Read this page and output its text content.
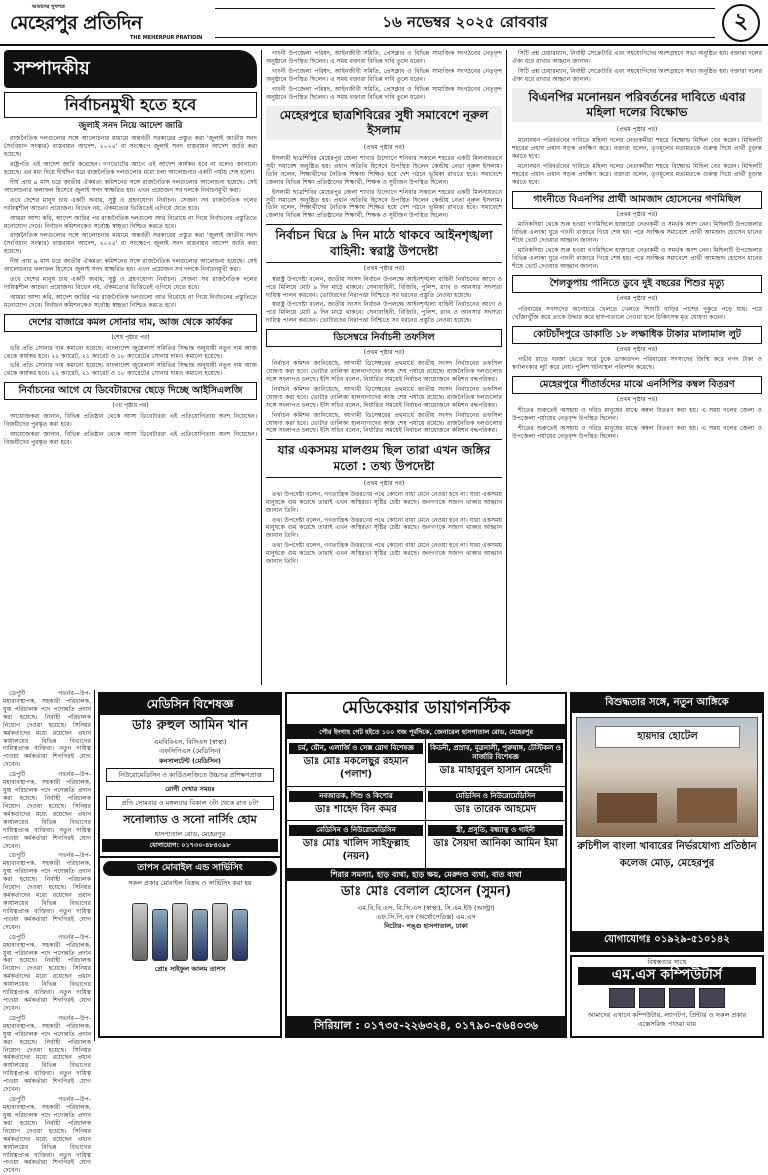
আমাদের সুখপত্র
মেহেরপুর প্রতিদিন
THE MEHERPUR PRATIDIN
১৬ নভেম্বর ২০২৫ রোববার	২
সম্পাদকীয়
নির্বাচনমুখী হতে হবে
জুলাই সনদ নিয়ে আদেশ জারি

রাজনৈতিক দলগুলোর সঙ্গে আলোচনার মাধ্যমে অন্তর্বর্তী সরকারের প্রস্তুত করা 'জুলাই জাতীয় সনদ (সংবিধান সংস্কার) বাস্তবায়ন আদেশ, ২০২৫' বা সংক্ষেপে জুলাই সনদ বাস্তবায়ন আদেশ জারি করা হয়েছে।

রাষ্ট্রপতি এই আদেশ জারি করেছেন। গণভোটের আগে এই আদেশ কার্যকর হবে না বলেও জানানো হয়েছে। এর মধ্য দিয়ে দীর্ঘদিন ধরে রাজনৈতিক দলগুলোর মধ্যে চলা আলোচনার একটি পর্যায় শেষ হলো।

দীর্ঘ প্রায় ৯ মাস ধরে জাতীয় ঐকমত্য কমিশনের সঙ্গে রাজনৈতিক দলগুলোর আলোচনা হয়েছে। সেই আলোচনার ফলাফল হিসেবে জুলাই সনদ স্বাক্ষরিত হয়। এখন প্রয়োজন সব দলকে নির্বাচনমুখী করা।

তবে দেশের মানুষ চায় একটি অবাধ, সুষ্ঠু ও গ্রহণযোগ্য নির্বাচন। সেজন্য সব রাজনৈতিক দলের দায়িত্বশীল আচরণ প্রয়োজন। বিভেদ নয়, ঐকমত্যের ভিত্তিতেই এগিয়ে যেতে হবে।

আমরা আশা করি, আদেশ জারির পর রাজনৈতিক দলগুলো আর বিরোধে না গিয়ে নির্বাচনের প্রস্তুতিতে মনোযোগ দেবে। নির্বাচন কমিশনকেও সর্বোচ্চ স্বচ্ছতা নিশ্চিত করতে হবে।

রাজনৈতিক দলগুলোর সঙ্গে আলোচনার মাধ্যমে অন্তর্বর্তী সরকারের প্রস্তুত করা 'জুলাই জাতীয় সনদ (সংবিধান সংস্কার) বাস্তবায়ন আদেশ, ২০২৫' বা সংক্ষেপে জুলাই সনদ বাস্তবায়ন আদেশ জারি করা হয়েছে।

দীর্ঘ প্রায় ৯ মাস ধরে জাতীয় ঐকমত্য কমিশনের সঙ্গে রাজনৈতিক দলগুলোর আলোচনা হয়েছে। সেই আলোচনার ফলাফল হিসেবে জুলাই সনদ স্বাক্ষরিত হয়। এখন প্রয়োজন সব দলকে নির্বাচনমুখী করা।

তবে দেশের মানুষ চায় একটি অবাধ, সুষ্ঠু ও গ্রহণযোগ্য নির্বাচন। সেজন্য সব রাজনৈতিক দলের দায়িত্বশীল আচরণ প্রয়োজন। বিভেদ নয়, ঐকমত্যের ভিত্তিতেই এগিয়ে যেতে হবে।

আমরা আশা করি, আদেশ জারির পর রাজনৈতিক দলগুলো আর বিরোধে না গিয়ে নির্বাচনের প্রস্তুতিতে মনোযোগ দেবে। নির্বাচন কমিশনকেও সর্বোচ্চ স্বচ্ছতা নিশ্চিত করতে হবে।

দেশের বাজারে কমল সোনার দাম, আজ থেকে কার্যকর
(শেষ পৃষ্ঠার পর)

ভরি প্রতি সোনার দাম কমানো হয়েছে। বাংলাদেশ জুয়েলার্স সমিতির সিদ্ধান্ত অনুযায়ী নতুন দাম আজ থেকে কার্যকর হবে। ২২ ক্যারেট, ২১ ক্যারেট ও ১৮ ক্যারেটের সোনার দামও কমানো হয়েছে।

ভরি প্রতি সোনার দাম কমানো হয়েছে। বাংলাদেশ জুয়েলার্স সমিতির সিদ্ধান্ত অনুযায়ী নতুন দাম আজ থেকে কার্যকর হবে। ২২ ক্যারেট, ২১ ক্যারেট ও ১৮ ক্যারেটের সোনার দামও কমানো হয়েছে।

নির্বাচনের আগে যে ডিবেটারদের ছেড়ে দিচ্ছে আইসিএলজি
(৩য় পৃষ্ঠার পর)

আয়োজকরা জানান, বিভিন্ন প্রতিষ্ঠান থেকে আসা ডিবেটাররা এই প্রতিযোগিতায় অংশ নিয়েছেন। বিজয়ীদের পুরস্কৃত করা হবে।

আয়োজকরা জানান, বিভিন্ন প্রতিষ্ঠান থেকে আসা ডিবেটাররা এই প্রতিযোগিতায় অংশ নিয়েছেন। বিজয়ীদের পুরস্কৃত করা হবে।

ডেপুটি গভর্নর—উপ-মহাব্যবস্থাপক, সহকারী পরিচালক, যুগ্ম পরিচালক পদে পদোন্নতি প্রদান করা হয়েছে। নির্বাহী পরিচালক নিয়োগ দেওয়া হয়েছে। সিনিয়র কর্মকর্তাদের মধ্যে রয়েছেন প্রধান কার্যালয়ের বিভিন্ন বিভাগের দায়িত্বপ্রাপ্ত ব্যক্তিরা। নতুন দায়িত্ব পাওয়া কর্মকর্তারা শিগগিরই যোগ দেবেন।

ডেপুটি গভর্নর—উপ-মহাব্যবস্থাপক, সহকারী পরিচালক, যুগ্ম পরিচালক পদে পদোন্নতি প্রদান করা হয়েছে। নির্বাহী পরিচালক নিয়োগ দেওয়া হয়েছে। সিনিয়র কর্মকর্তাদের মধ্যে রয়েছেন প্রধান কার্যালয়ের বিভিন্ন বিভাগের দায়িত্বপ্রাপ্ত ব্যক্তিরা। নতুন দায়িত্ব পাওয়া কর্মকর্তারা শিগগিরই যোগ দেবেন।

ডেপুটি গভর্নর—উপ-মহাব্যবস্থাপক, সহকারী পরিচালক, যুগ্ম পরিচালক পদে পদোন্নতি প্রদান করা হয়েছে। নির্বাহী পরিচালক নিয়োগ দেওয়া হয়েছে। সিনিয়র কর্মকর্তাদের মধ্যে রয়েছেন প্রধান কার্যালয়ের বিভিন্ন বিভাগের দায়িত্বপ্রাপ্ত ব্যক্তিরা। নতুন দায়িত্ব পাওয়া কর্মকর্তারা শিগগিরই যোগ দেবেন।

ডেপুটি গভর্নর—উপ-মহাব্যবস্থাপক, সহকারী পরিচালক, যুগ্ম পরিচালক পদে পদোন্নতি প্রদান করা হয়েছে। নির্বাহী পরিচালক নিয়োগ দেওয়া হয়েছে। সিনিয়র কর্মকর্তাদের মধ্যে রয়েছেন প্রধান কার্যালয়ের বিভিন্ন বিভাগের দায়িত্বপ্রাপ্ত ব্যক্তিরা। নতুন দায়িত্ব পাওয়া কর্মকর্তারা শিগগিরই যোগ দেবেন।

ডেপুটি গভর্নর—উপ-মহাব্যবস্থাপক, সহকারী পরিচালক, যুগ্ম পরিচালক পদে পদোন্নতি প্রদান করা হয়েছে। নির্বাহী পরিচালক নিয়োগ দেওয়া হয়েছে। সিনিয়র কর্মকর্তাদের মধ্যে রয়েছেন প্রধান কার্যালয়ের বিভিন্ন বিভাগের দায়িত্বপ্রাপ্ত ব্যক্তিরা। নতুন দায়িত্ব পাওয়া কর্মকর্তারা শিগগিরই যোগ দেবেন।

ডেপুটি গভর্নর—উপ-মহাব্যবস্থাপক, সহকারী পরিচালক, যুগ্ম পরিচালক পদে পদোন্নতি প্রদান করা হয়েছে। নির্বাহী পরিচালক নিয়োগ দেওয়া হয়েছে। সিনিয়র কর্মকর্তাদের মধ্যে রয়েছেন প্রধান কার্যালয়ের বিভিন্ন বিভাগের দায়িত্বপ্রাপ্ত ব্যক্তিরা। নতুন দায়িত্ব পাওয়া কর্মকর্তারা শিগগিরই যোগ দেবেন।

গাংনী উপজেলা পরিষদ, আইনজীবী সমিতি, প্রেসক্লাব ও বিভিন্ন সামাজিক সংগঠনের নেতৃবৃন্দ অনুষ্ঠানে উপস্থিত ছিলেন। এ সময় বক্তারা বিভিন্ন দাবি তুলে ধরেন।

গাংনী উপজেলা পরিষদ, আইনজীবী সমিতি, প্রেসক্লাব ও বিভিন্ন সামাজিক সংগঠনের নেতৃবৃন্দ অনুষ্ঠানে উপস্থিত ছিলেন। এ সময় বক্তারা বিভিন্ন দাবি তুলে ধরেন।

গাংনী উপজেলা পরিষদ, আইনজীবী সমিতি, প্রেসক্লাব ও বিভিন্ন সামাজিক সংগঠনের নেতৃবৃন্দ অনুষ্ঠানে উপস্থিত ছিলেন। এ সময় বক্তারা বিভিন্ন দাবি তুলে ধরেন।

মেহেরপুরে ছাত্রশিবিরের সুধী সমাবেশে নূরুল ইসলাম
(প্রথম পৃষ্ঠার পর)

ইসলামী ছাত্রশিবির মেহেরপুর জেলা শাখার উদ্যোগে শনিবার সকালে শহরের একটি মিলনায়তনে সুধী সমাবেশ অনুষ্ঠিত হয়। প্রধান অতিথি হিসেবে উপস্থিত ছিলেন কেন্দ্রীয় নেতা নূরুল ইসলাম। তিনি বলেন, শিক্ষার্থীদের নৈতিক শিক্ষায় শিক্ষিত হয়ে দেশ গঠনে ভূমিকা রাখতে হবে। সমাবেশে জেলার বিভিন্ন শিক্ষা প্রতিষ্ঠানের শিক্ষার্থী, শিক্ষক ও সুধীজন উপস্থিত ছিলেন।

ইসলামী ছাত্রশিবির মেহেরপুর জেলা শাখার উদ্যোগে শনিবার সকালে শহরের একটি মিলনায়তনে সুধী সমাবেশ অনুষ্ঠিত হয়। প্রধান অতিথি হিসেবে উপস্থিত ছিলেন কেন্দ্রীয় নেতা নূরুল ইসলাম। তিনি বলেন, শিক্ষার্থীদের নৈতিক শিক্ষায় শিক্ষিত হয়ে দেশ গঠনে ভূমিকা রাখতে হবে। সমাবেশে জেলার বিভিন্ন শিক্ষা প্রতিষ্ঠানের শিক্ষার্থী, শিক্ষক ও সুধীজন উপস্থিত ছিলেন।

নির্বাচন ঘিরে ৯ দিন মাঠে থাকবে আইনশৃঙ্খলা বাহিনী: স্বরাষ্ট্র উপদেষ্টা
(প্রথম পৃষ্ঠার পর)

স্বরাষ্ট্র উপদেষ্টা বলেন, জাতীয় সংসদ নির্বাচন উপলক্ষে আইনশৃঙ্খলা বাহিনী নির্বাচনের আগে ও পরে মিলিয়ে মোট ৯ দিন মাঠে থাকবে। সেনাবাহিনী, বিজিবি, পুলিশ, র‍্যাব ও আনসার সদস্যরা দায়িত্ব পালন করবেন। ভোটারদের নিরাপত্তা নিশ্চিতে সব ধরনের প্রস্তুতি নেওয়া হয়েছে।

স্বরাষ্ট্র উপদেষ্টা বলেন, জাতীয় সংসদ নির্বাচন উপলক্ষে আইনশৃঙ্খলা বাহিনী নির্বাচনের আগে ও পরে মিলিয়ে মোট ৯ দিন মাঠে থাকবে। সেনাবাহিনী, বিজিবি, পুলিশ, র‍্যাব ও আনসার সদস্যরা দায়িত্ব পালন করবেন। ভোটারদের নিরাপত্তা নিশ্চিতে সব ধরনের প্রস্তুতি নেওয়া হয়েছে।

ডিসেম্বরে নির্বাচনী তফসিল
(প্রথম পৃষ্ঠার পর)

নির্বাচন কমিশন জানিয়েছে, আগামী ডিসেম্বরের প্রথমার্ধে জাতীয় সংসদ নির্বাচনের তফসিল ঘোষণা করা হবে। ভোটার তালিকা হালনাগাদের কাজ শেষ পর্যায়ে রয়েছে। রাজনৈতিক দলগুলোর সঙ্গে সংলাপও চলছে। ইসি সচিব বলেন, নির্ধারিত সময়েই নির্বাচন আয়োজনে কমিশন বদ্ধপরিকর।

নির্বাচন কমিশন জানিয়েছে, আগামী ডিসেম্বরের প্রথমার্ধে জাতীয় সংসদ নির্বাচনের তফসিল ঘোষণা করা হবে। ভোটার তালিকা হালনাগাদের কাজ শেষ পর্যায়ে রয়েছে। রাজনৈতিক দলগুলোর সঙ্গে সংলাপও চলছে। ইসি সচিব বলেন, নির্ধারিত সময়েই নির্বাচন আয়োজনে কমিশন বদ্ধপরিকর।

নির্বাচন কমিশন জানিয়েছে, আগামী ডিসেম্বরের প্রথমার্ধে জাতীয় সংসদ নির্বাচনের তফসিল ঘোষণা করা হবে। ভোটার তালিকা হালনাগাদের কাজ শেষ পর্যায়ে রয়েছে। রাজনৈতিক দলগুলোর সঙ্গে সংলাপও চলছে। ইসি সচিব বলেন, নির্ধারিত সময়েই নির্বাচন আয়োজনে কমিশন বদ্ধপরিকর।

যার একসময় মালগুম ছিল তারা এখন জঙ্গির মতো : তথ্য উপদেষ্টা
(প্রথম পৃষ্ঠার পর)

তথ্য উপদেষ্টা বলেন, গণতান্ত্রিক উত্তরণের পথে কোনো বাধা মেনে নেওয়া হবে না। যারা একসময় মানুষকে গুম করেছে তারাই এখন অস্থিরতা সৃষ্টির চেষ্টা করছে। জনগণকে সজাগ থাকার আহ্বান জানান তিনি।

তথ্য উপদেষ্টা বলেন, গণতান্ত্রিক উত্তরণের পথে কোনো বাধা মেনে নেওয়া হবে না। যারা একসময় মানুষকে গুম করেছে তারাই এখন অস্থিরতা সৃষ্টির চেষ্টা করছে। জনগণকে সজাগ থাকার আহ্বান জানান তিনি।

তথ্য উপদেষ্টা বলেন, গণতান্ত্রিক উত্তরণের পথে কোনো বাধা মেনে নেওয়া হবে না। যারা একসময় মানুষকে গুম করেছে তারাই এখন অস্থিরতা সৃষ্টির চেষ্টা করছে। জনগণকে সজাগ থাকার আহ্বান জানান তিনি।

সিটি প্রশ্ন চেয়ারম্যান, নির্বাহী সেক্রেটারি এবং সহযোগিদের অংশগ্রহণে সভা অনুষ্ঠিত হয়। বক্তারা দলের ঐক্য ধরে রাখার আহ্বান জানান।

সিটি প্রশ্ন চেয়ারম্যান, নির্বাহী সেক্রেটারি এবং সহযোগিদের অংশগ্রহণে সভা অনুষ্ঠিত হয়। বক্তারা দলের ঐক্য ধরে রাখার আহ্বান জানান।

বিএনপির মনোনয়ন পরিবর্তনের দাবিতে এবার মহিলা দলের বিক্ষোভ
(প্রথম পৃষ্ঠার পর)

মনোনয়ন পরিবর্তনের দাবিতে মহিলা দলের নেতাকর্মীরা শহরে বিক্ষোভ মিছিল বের করেন। মিছিলটি শহরের প্রধান প্রধান সড়ক প্রদক্ষিণ করে। বক্তারা বলেন, তৃণমূলের মতামতকে গুরুত্ব দিয়ে প্রার্থী চূড়ান্ত করতে হবে।

মনোনয়ন পরিবর্তনের দাবিতে মহিলা দলের নেতাকর্মীরা শহরে বিক্ষোভ মিছিল বের করেন। মিছিলটি শহরের প্রধান প্রধান সড়ক প্রদক্ষিণ করে। বক্তারা বলেন, তৃণমূলের মতামতকে গুরুত্ব দিয়ে প্রার্থী চূড়ান্ত করতে হবে।

গাংনীতে বিএনপির প্রার্থী আমজাদ হোসেনের গণমিছিল
(প্রথম পৃষ্ঠার পর)

মানিকদিয়া থেকে শুরু হওয়া গণমিছিলে হাজারো নেতাকর্মী ও সমর্থক অংশ নেন। মিছিলটি উপজেলার বিভিন্ন এলাকা ঘুরে গাংনী বাজারে গিয়ে শেষ হয়। পরে সংক্ষিপ্ত সমাবেশে প্রার্থী আমজাদ হোসেন ধানের শীষে ভোট দেওয়ার আহ্বান জানান।

মানিকদিয়া থেকে শুরু হওয়া গণমিছিলে হাজারো নেতাকর্মী ও সমর্থক অংশ নেন। মিছিলটি উপজেলার বিভিন্ন এলাকা ঘুরে গাংনী বাজারে গিয়ে শেষ হয়। পরে সংক্ষিপ্ত সমাবেশে প্রার্থী আমজাদ হোসেন ধানের শীষে ভোট দেওয়ার আহ্বান জানান।

শৈলকুপায় পানিতে ডুবে দুই বছরের শিশুর মৃত্যু
(প্রথম পৃষ্ঠার পর)

পরিবারের সদস্যদের অগোচরে খেলতে খেলতে শিশুটি বাড়ির পাশের পুকুরে পড়ে যায়। পরে খোঁজাখুঁজি করে তাকে উদ্ধার করে হাসপাতালে নেওয়া হলে চিকিৎসক মৃত ঘোষণা করেন।

কোটচাঁদপুরে ডাকাতি ১৮ লক্ষাধিক টাকার মালামাল লুট
(প্রথম পৃষ্ঠার পর)

গভীর রাতে দরজা ভেঙে ঘরে ঢুকে ডাকাতদল পরিবারের সদস্যদের জিম্মি করে নগদ টাকা ও স্বর্ণালংকার লুট করে নেয়। পুলিশ ঘটনাস্থল পরিদর্শন করেছে।

মেহেরপুরে শীতার্তদের মাঝে এনসিপির কম্বল বিতরণ
(প্রথম পৃষ্ঠার পর)

শীতের শুরুতেই অসহায় ও দরিদ্র মানুষের মাঝে কম্বল বিতরণ করা হয়। এ সময় দলের জেলা ও উপজেলা পর্যায়ের নেতৃবৃন্দ উপস্থিত ছিলেন।

শীতের শুরুতেই অসহায় ও দরিদ্র মানুষের মাঝে কম্বল বিতরণ করা হয়। এ সময় দলের জেলা ও উপজেলা পর্যায়ের নেতৃবৃন্দ উপস্থিত ছিলেন।

মেডিসিন বিশেষজ্ঞ
ডাঃ রুহুল আমিন খান
এমবিবিএস, বিসিএস (স্বাস্থ্য)
এফসিপিএস (মেডিসিন)
কনসালটেন্ট (মেডিসিন)
নিউরোমেডিসিন ও কার্ডিওলজিতে উচ্চতর প্রশিক্ষণপ্রাপ্ত
রোগী দেখার সময়ঃ
প্রতি সোমবার ও মঙ্গলবার বিকাল ৩টা থেকে রাত ৮টা
সনোল্যাড ও সনো নার্সিং হোম
হাসপাতাল রোড, মেহেরপুর
যোগাযোগ: ০১৭৩০-৪৮৪০৯৮
তাপস মোবাইল এন্ড সার্ভিসিং
সকল প্রকার মোবাইল বিক্রয় ও সার্ভিসিং করা হয়
প্রোঃ সাইফুল আলম তাপস
মেডিকেয়ার ডায়াগনস্টিক
পৌর ইদগাহ গেট হইতে ১০০ গজ পূর্বদিকে, জেনারেল হাসপাতাল রোড, মেহেরপুর
চর্ম, যৌন, এলার্জি ও সেক্স রোগ বিশেষজ্ঞ
ডাঃ মোঃ মকলেছুর রহমান (পলাশ)
কিডনী, প্রস্রাব, মূত্রনালী, পুরুষাঙ্গ, টেস্টিকল ও সার্জারি বিশেষজ্ঞ
ডাঃ মাহাবুবুল হাসান মেহেদী
নবজাতক, শিশু ও কিশোর
ডাঃ শাহেদ বিন কমর
মেডিসিন ও নিউরোমেডিসিন
ডাঃ তারেক আহমেদ
মেডিসিন ও নিউরোমেডিসিন
ডাঃ মোঃ খালিদ সাইফুল্লাহ (নয়ন)
স্ত্রী, প্রসূতি, বন্ধ্যাত্ব ও গাইনী
ডাঃ সৈয়দা আনিকা আমিন ইমা
শিরার সমস্যা, হাড় ব্যথা, হাড় ক্ষয়, মেরুদণ্ড ব্যথা, বাত ব্যথা
ডাঃ মোঃ বেলাল হোসেন (সুমন)
এম.বি.বি.এস, বি.সি.এস (স্বাস্থ্য), সি.এম.ইউ (আল্ট্রা)
এফ.সি.পি.এস (অর্থোপেডিক্স) এম.এস
নিটোর- পঙ্গু হাসপাতাল, ঢাকা
সিরিয়াল : ০১৭৩৫-২২৬৩২৪, ০১৭৯০-৫৬৪০৩৬
বিশুদ্ধতার সঙ্গে, নতুন আঙ্গিকে
হায়দার হোটেল
রুচিশীল বাংলা খাবারের নির্ভরযোগ্য প্রতিষ্ঠান
কলেজ মোড়, মেহেরপুর
যোগাযোগঃ ০১৯২৯-৫১০১৪২
বিশ্বস্ততার সাথে
এম.এস কম্পিউটার্স
আমাদের এখানে কম্পিউটার, ল্যাপটপ, প্রিন্টার ও সকল প্রকার এক্সেসরিজ পাওয়া যায়
